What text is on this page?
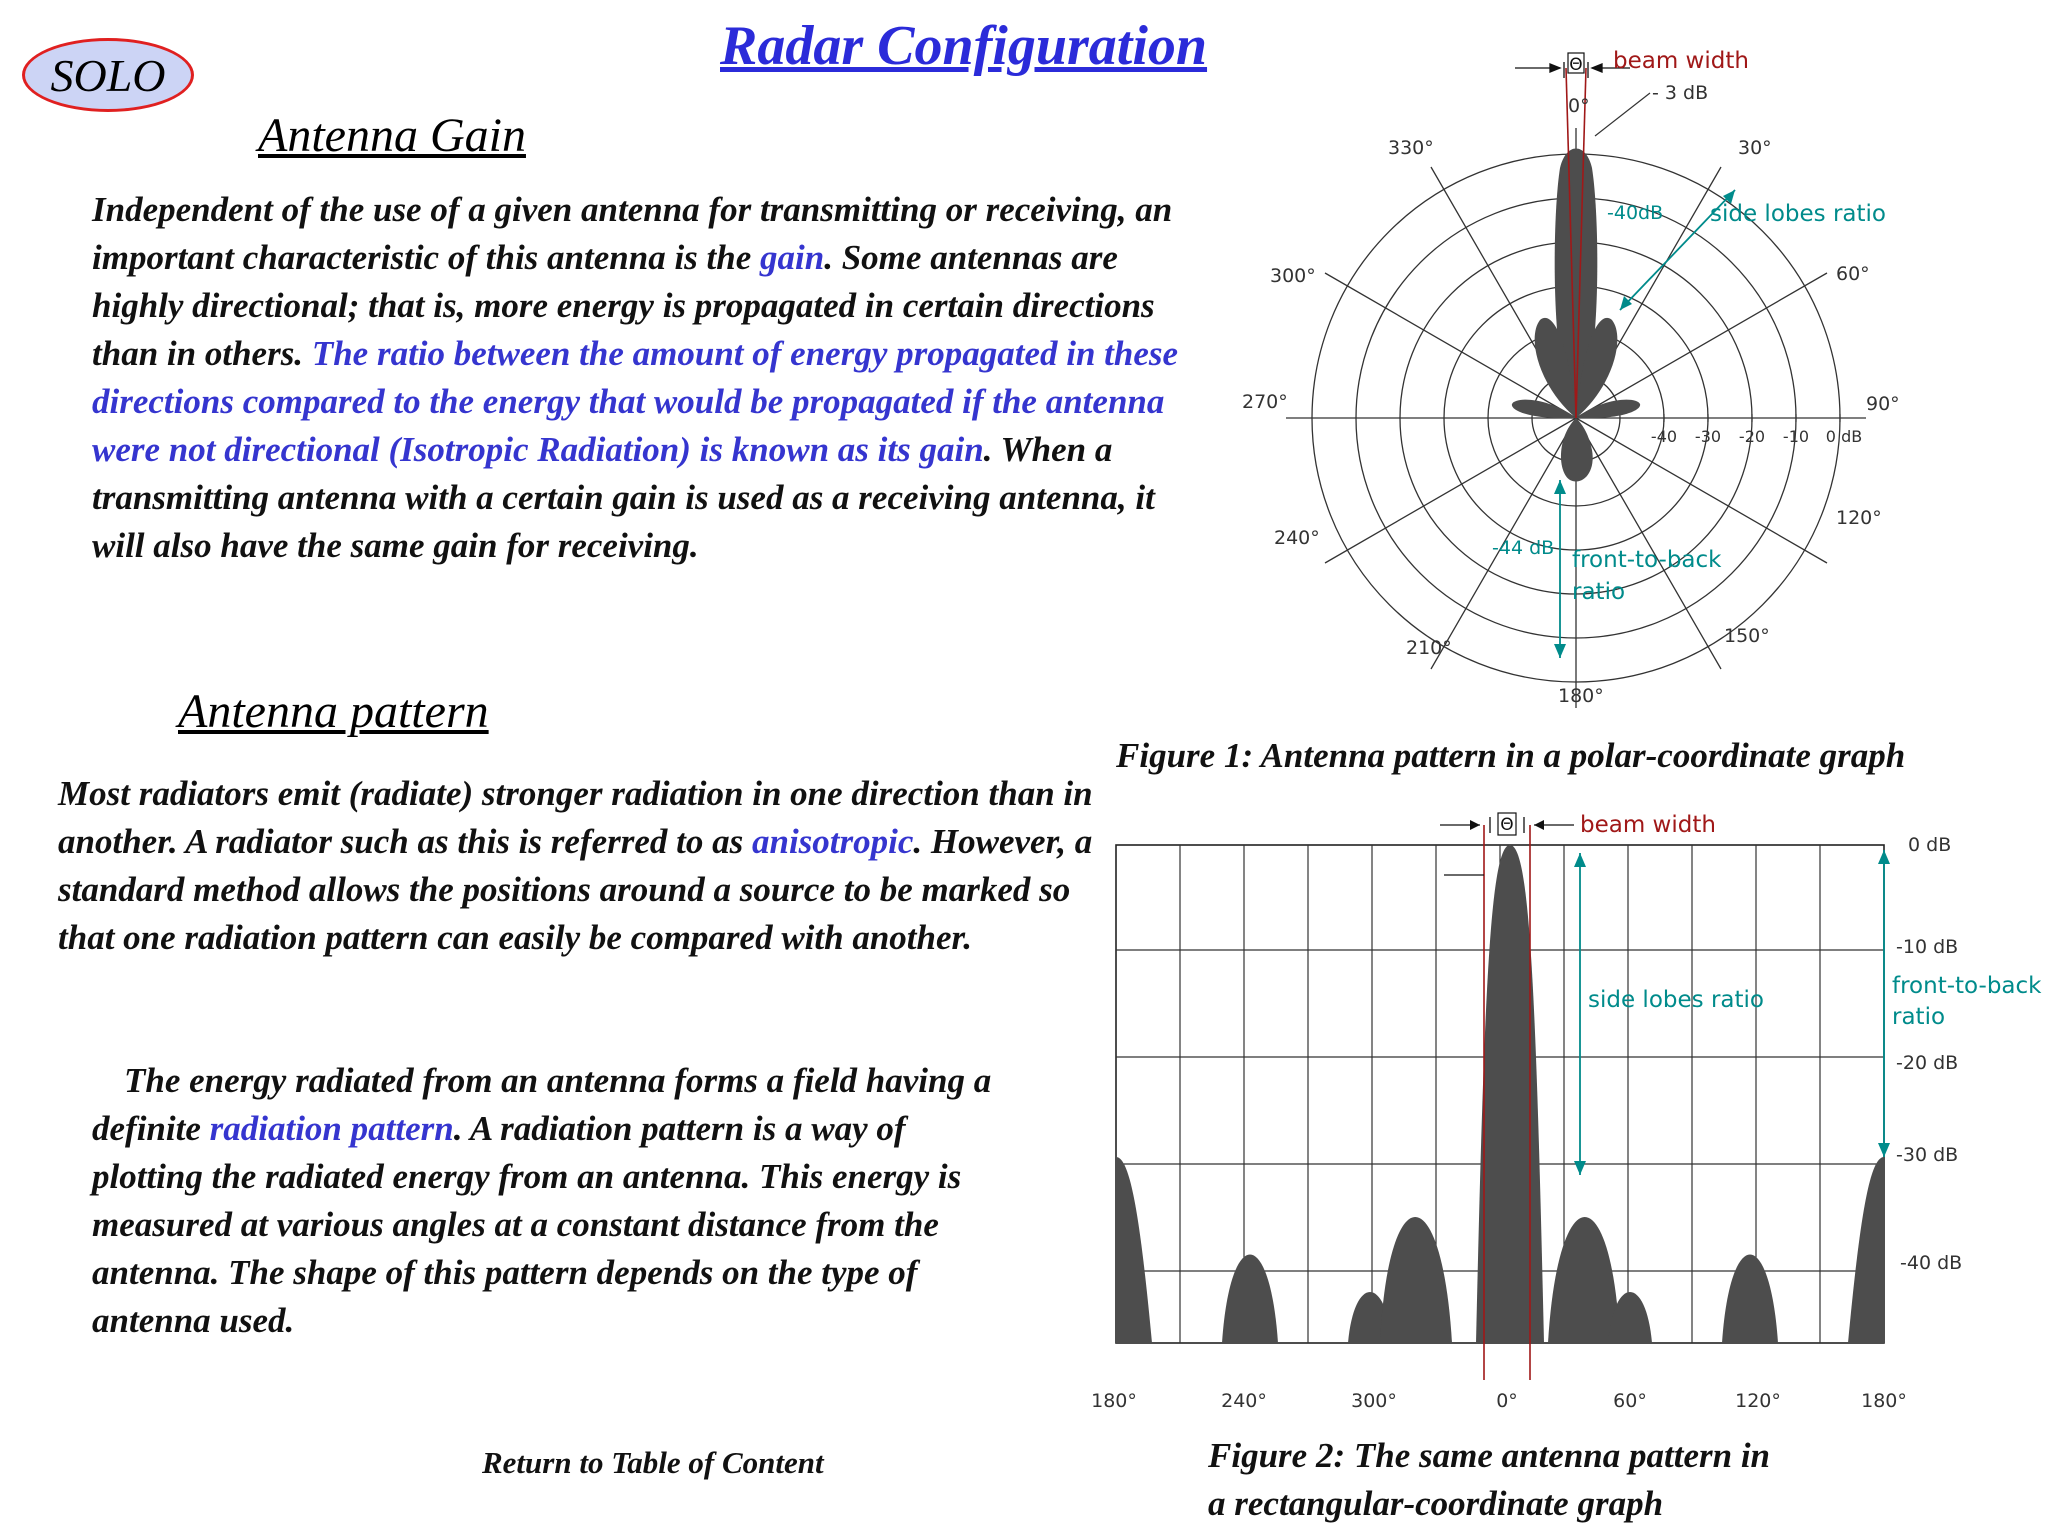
SOLO	Radar Configuration
Antenna Gain
Independent of the use of a given antenna for transmitting or receiving, an important characteristic of this antenna is the gain. Some antennas are highly directional; that is, more energy is propagated in certain directions than in others. The ratio between the amount of energy propagated in these directions compared to the energy that would be propagated if the antenna were not directional (Isotropic Radiation) is known as its gain. When a transmitting antenna with a certain gain is used as a receiving antenna, it will also have the same gain for receiving.
Antenna pattern
Most radiators emit (radiate) stronger radiation in one direction than in another. A radiator such as this is referred to as anisotropic. However, a standard method allows the positions around a source to be marked so that one radiation pattern can easily be compared with another.
The energy radiated from an antenna forms a field having a definite radiation pattern. A radiation pattern is a way of plotting the radiated energy from an antenna. This energy is measured at various angles at a constant distance from the antenna. The shape of this pattern depends on the type of antenna used.
Return to Table of Content
Θ beam width
- 3 dB
-40dB side lobes ratio
-44 dB front-to-back
ratio
-40 -30 -20 -10 0 dB
0°
30°
60°
90°
120°
150°
180°
210°
240°
270°
300°
330°
Figure 1: Antenna pattern in a polar-coordinate graph
Θ	beam width
side lobes ratio
front-to-back
ratio
0 dB
-10 dB
-20 dB
-30 dB
-40 dB
180°	240°	300°	0°	60°	120°	180°
Figure 2: The same antenna pattern in
a rectangular-coordinate graph
